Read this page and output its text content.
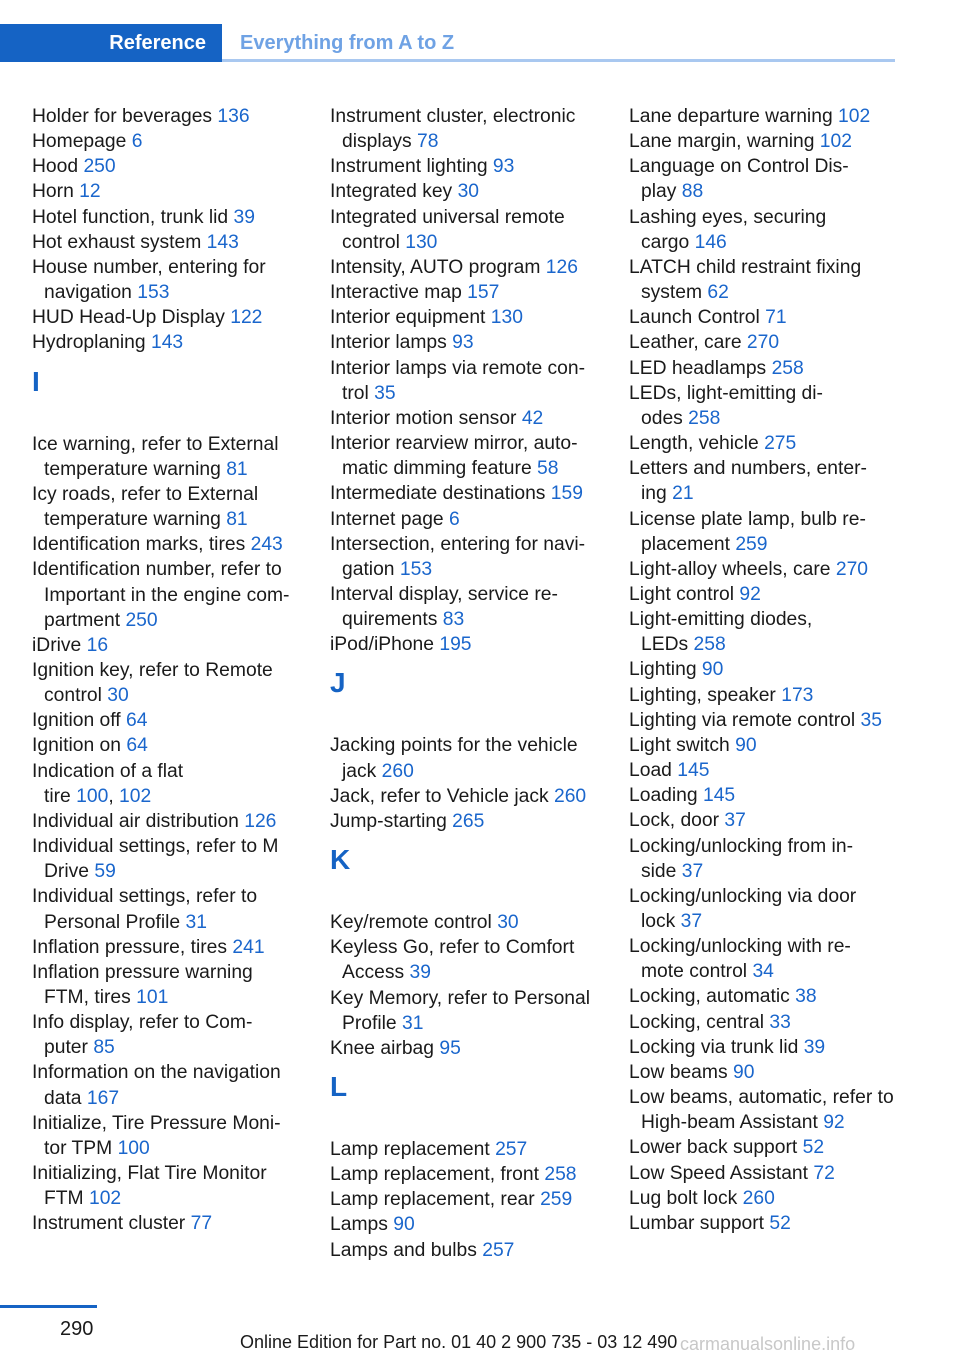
Reference Everything from A to Z
Holder for beverages 136
Homepage 6
Hood 250
Horn 12
Hotel function, trunk lid 39
Hot exhaust system 143
House number, entering for
navigation 153
HUD Head-Up Display 122
Hydroplaning 143
I
Ice warning, refer to External
temperature warning 81
Icy roads, refer to External
temperature warning 81
Identification marks, tires 243
Identification number, refer to
Important in the engine com-
partment 250
iDrive 16
Ignition key, refer to Remote
control 30
Ignition off 64
Ignition on 64
Indication of a flat
tire 100, 102
Individual air distribution 126
Individual settings, refer to M
Drive 59
Individual settings, refer to
Personal Profile 31
Inflation pressure, tires 241
Inflation pressure warning
FTM, tires 101
Info display, refer to Com-
puter 85
Information on the navigation
data 167
Initialize, Tire Pressure Moni-
tor TPM 100
Initializing, Flat Tire Monitor
FTM 102
Instrument cluster 77
Instrument cluster, electronic
displays 78
Instrument lighting 93
Integrated key 30
Integrated universal remote
control 130
Intensity, AUTO program 126
Interactive map 157
Interior equipment 130
Interior lamps 93
Interior lamps via remote con-
trol 35
Interior motion sensor 42
Interior rearview mirror, auto-
matic dimming feature 58
Intermediate destinations 159
Internet page 6
Intersection, entering for navi-
gation 153
Interval display, service re-
quirements 83
iPod/iPhone 195
J
Jacking points for the vehicle
jack 260
Jack, refer to Vehicle jack 260
Jump-starting 265
K
Key/remote control 30
Keyless Go, refer to Comfort
Access 39
Key Memory, refer to Personal
Profile 31
Knee airbag 95
L
Lamp replacement 257
Lamp replacement, front 258
Lamp replacement, rear 259
Lamps 90
Lamps and bulbs 257
Lane departure warning 102
Lane margin, warning 102
Language on Control Dis-
play 88
Lashing eyes, securing
cargo 146
LATCH child restraint fixing
system 62
Launch Control 71
Leather, care 270
LED headlamps 258
LEDs, light-emitting di-
odes 258
Length, vehicle 275
Letters and numbers, enter-
ing 21
License plate lamp, bulb re-
placement 259
Light-alloy wheels, care 270
Light control 92
Light-emitting diodes,
LEDs 258
Lighting 90
Lighting, speaker 173
Lighting via remote control 35
Light switch 90
Load 145
Loading 145
Lock, door 37
Locking/unlocking from in-
side 37
Locking/unlocking via door
lock 37
Locking/unlocking with re-
mote control 34
Locking, automatic 38
Locking, central 33
Locking via trunk lid 39
Low beams 90
Low beams, automatic, refer to
High-beam Assistant 92
Lower back support 52
Low Speed Assistant 72
Lug bolt lock 260
Lumbar support 52
290
Online Edition for Part no. 01 40 2 900 735 - 03 12 490 carmanualsonline.info
